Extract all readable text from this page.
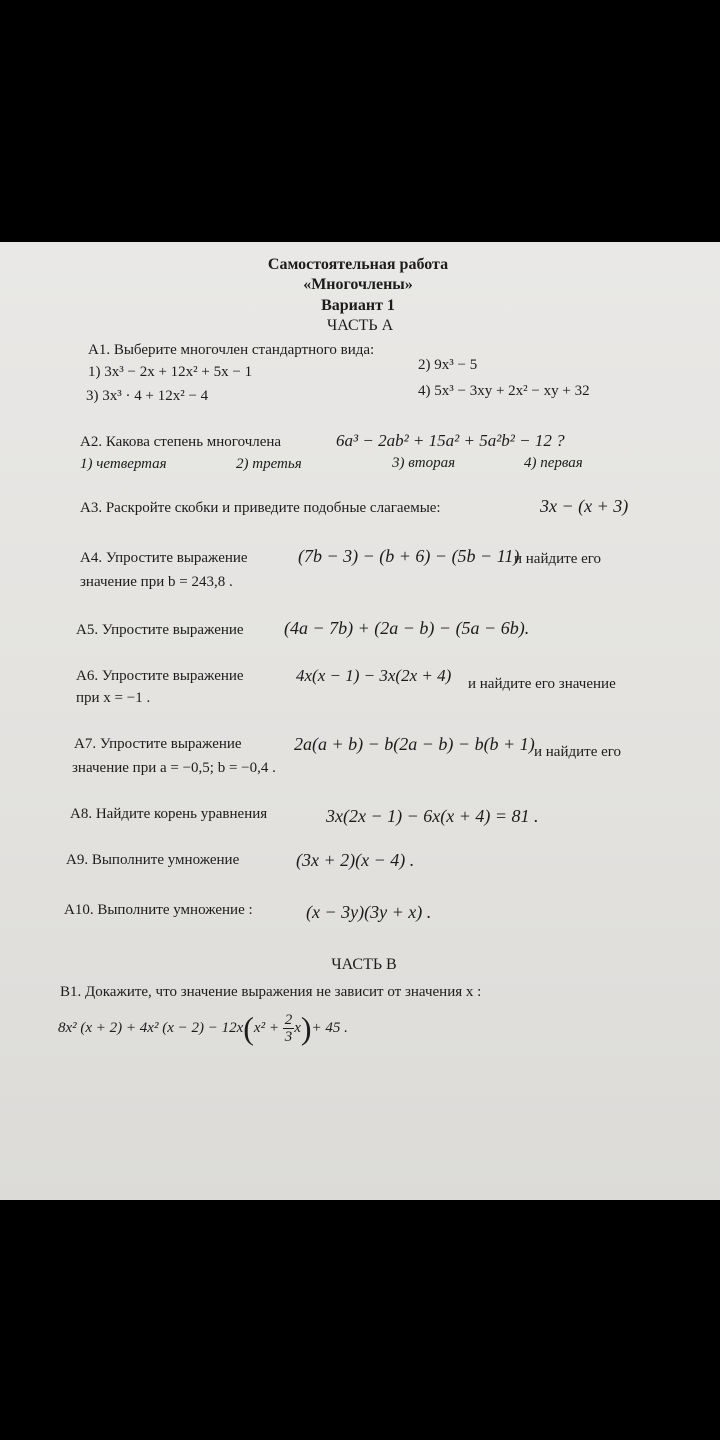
Самостоятельная работа
«Многочлены»
Вариант 1
ЧАСТЬ А
А1. Выберите многочлен стандартного вида:
1) 3x³ − 2x + 12x² + 5x − 1	2) 9x³ − 5
3) 3x³ · 4 + 12x² − 4	4) 5x³ − 3xy + 2x² − xy + 32
А2. Какова степень многочлена	6a³ − 2ab² + 15a² + 5a²b² − 12 ?
1) четвертая	2) третья	3) вторая	4) первая
А3. Раскройте скобки и приведите подобные слагаемые:	3x − (x + 3)
А4. Упростите выражение	(7b − 3) − (b + 6) − (5b − 11)
и найдите его
значение при b = 243,8 .
А5. Упростите выражение (4a − 7b) + (2a − b) − (5a − 6b).
А6. Упростите выражение	4x(x − 1) − 3x(2x + 4) и найдите его значение
при x = −1 .
А7. Упростите выражение	2a(a + b) − b(2a − b) − b(b + 1) и найдите его
значение при a = −0,5; b = −0,4 .
А8. Найдите корень уравнения	3x(2x − 1) − 6x(x + 4) = 81 .
А9. Выполните умножение	(3x + 2)(x − 4) .
А10. Выполните умножение :	(x − 3y)(3y + x) .
ЧАСТЬ В
В1. Докажите, что значение выражения не зависит от значения x :
8x² (x + 2) + 4x² $(x - 2) - 12x(x^2 + \frac{2}{3} x)+ 45$ .
